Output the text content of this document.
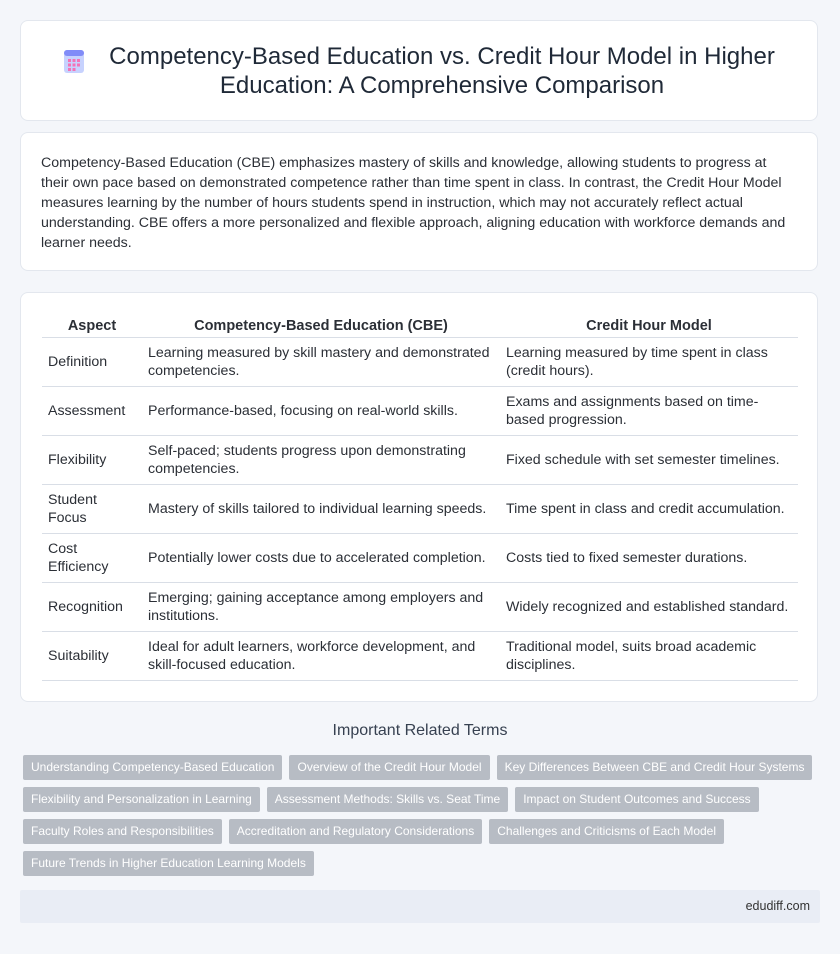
Competency-Based Education vs. Credit Hour Model in Higher Education: A Comprehensive Comparison

Competency-Based Education (CBE) emphasizes mastery of skills and knowledge, allowing students to progress at their own pace based on demonstrated competence rather than time spent in class. In contrast, the Credit Hour Model measures learning by the number of hours students spend in instruction, which may not accurately reflect actual understanding. CBE offers a more personalized and flexible approach, aligning education with workforce demands and learner needs.

Aspect	Competency-Based Education (CBE)	Credit Hour Model
Definition	Learning measured by skill mastery and demonstrated competencies.	Learning measured by time spent in class (credit hours).
Assessment	Performance-based, focusing on real-world skills.	Exams and assignments based on time-based progression.
Flexibility	Self-paced; students progress upon demonstrating competencies.	Fixed schedule with set semester timelines.
Student Focus	Mastery of skills tailored to individual learning speeds.	Time spent in class and credit accumulation.
Cost Efficiency	Potentially lower costs due to accelerated completion.	Costs tied to fixed semester durations.
Recognition	Emerging; gaining acceptance among employers and institutions.	Widely recognized and established standard.
Suitability	Ideal for adult learners, workforce development, and skill-focused education.	Traditional model, suits broad academic disciplines.
Important Related Terms
Understanding Competency-Based Education	Overview of the Credit Hour Model	Key Differences Between CBE and Credit Hour Systems
Flexibility and Personalization in Learning	Assessment Methods: Skills vs. Seat Time	Impact on Student Outcomes and Success
Faculty Roles and Responsibilities	Accreditation and Regulatory Considerations	Challenges and Criticisms of Each Model
Future Trends in Higher Education Learning Models
edudiff.com
